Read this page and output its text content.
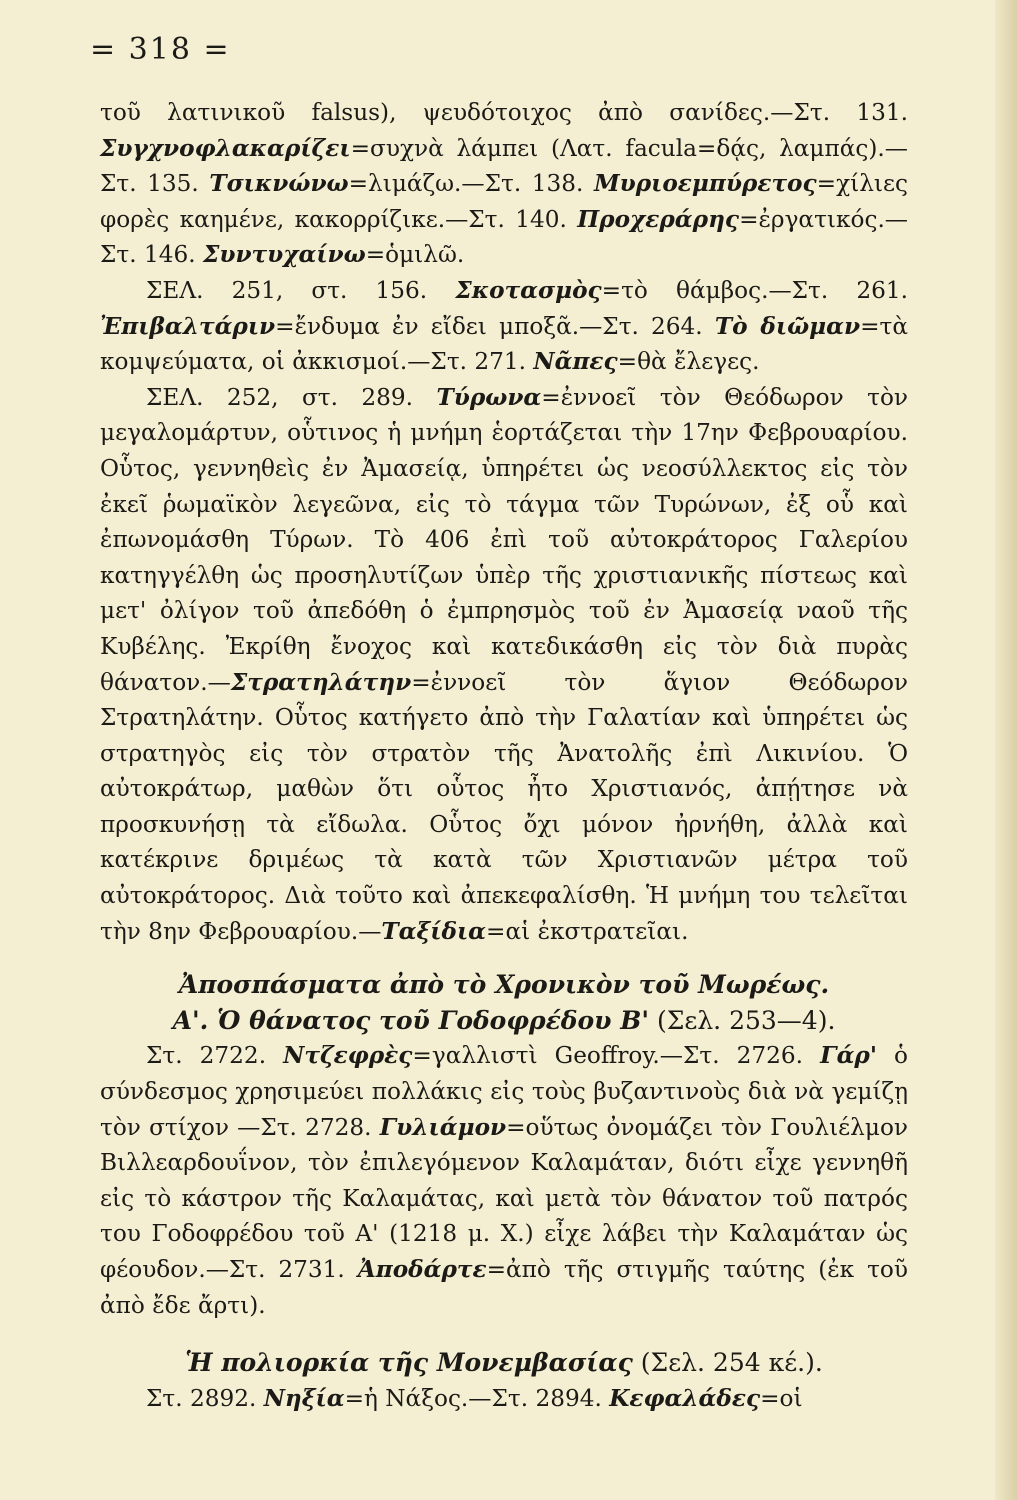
= 318 =

τοῦ λατινικοῦ falsus), ψευδότοιχος ἀπὸ σανίδες.—Στ. 131. Συγχνοφλακαρίζει=συχνὰ λάμπει (Λατ. facula=δᾴς, λαμπάς).—Στ. 135. Τσικνώνω=λιμάζω.—Στ. 138. Μυριοεμπύρετος=χίλιες φορὲς καημένε, κακορρίζικε.—Στ. 140. Προχεράρης=ἐργατικός.—Στ. 146. Συντυχαίνω=ὁμιλῶ.

ΣΕΛ. 251, στ. 156. Σκοτασμὸς=τὸ θάμβος.—Στ. 261. Ἐπιβαλτάριν=ἔνδυμα ἐν εἴδει μποξᾶ.—Στ. 264. Τὸ διῶμαν=τὰ κομψεύματα, οἱ ἀκκισμοί.—Στ. 271. Νᾶπες=θὰ ἔλεγες.

ΣΕΛ. 252, στ. 289. Τύρωνα=ἐννοεῖ τὸν Θεόδωρον τὸν μεγαλομάρτυν, οὗτινος ἡ μνήμη ἑορτάζεται τὴν 17ην Φεβρουαρίου. Οὗτος, γεννηθεὶς ἐν Ἀμασείᾳ, ὑπηρέτει ὡς νεοσύλλεκτος εἰς τὸν ἐκεῖ ῥωμαϊκὸν λεγεῶνα, εἰς τὸ τάγμα τῶν Τυρώνων, ἐξ οὗ καὶ ἐπωνομάσθη Τύρων. Τὸ 406 ἐπὶ τοῦ αὐτοκράτορος Γαλερίου κατηγγέλθη ὡς προσηλυτίζων ὑπὲρ τῆς χριστιανικῆς πίστεως καὶ μετ' ὀλίγον τοῦ ἀπεδόθη ὁ ἐμπρησμὸς τοῦ ἐν Ἀμασείᾳ ναοῦ τῆς Κυβέλης. Ἐκρίθη ἔνοχος καὶ κατεδικάσθη εἰς τὸν διὰ πυρὰς θάνατον.—Στρατηλάτην=ἐννοεῖ τὸν ἅγιον Θεόδωρον Στρατηλάτην. Οὗτος κατήγετο ἀπὸ τὴν Γαλατίαν καὶ ὑπηρέτει ὡς στρατηγὸς εἰς τὸν στρατὸν τῆς Ἀνατολῆς ἐπὶ Λικινίου. Ὁ αὐτοκράτωρ, μαθὼν ὅτι οὗτος ἦτο Χριστιανός, ἀπῄτησε νὰ προσκυνήσῃ τὰ εἴδωλα. Οὗτος ὄχι μόνον ἠρνήθη, ἀλλὰ καὶ κατέκρινε δριμέως τὰ κατὰ τῶν Χριστιανῶν μέτρα τοῦ αὐτοκράτορος. Διὰ τοῦτο καὶ ἀπεκεφαλίσθη. Ἡ μνήμη του τελεῖται τὴν 8ην Φεβρουαρίου.—Ταξίδια=αἱ ἐκστρατεῖαι.

Ἀποσπάσματα ἀπὸ τὸ Χρονικὸν τοῦ Μωρέως.

Α'. Ὁ θάνατος τοῦ Γοδοφρέδου Β' (Σελ. 253—4).

Στ. 2722. Ντζεφρὲς=γαλλιστὶ Geoffroy.—Στ. 2726. Γάρ' ὁ σύνδεσμος χρησιμεύει πολλάκις εἰς τοὺς βυζαντινοὺς διὰ νὰ γεμίζῃ τὸν στίχον —Στ. 2728. Γυλιάμον=οὕτως ὀνομάζει τὸν Γουλιέλμον Βιλλεαρδουΐνον, τὸν ἐπιλεγόμενον Καλαμάταν, διότι εἶχε γεννηθῆ εἰς τὸ κάστρον τῆς Καλαμάτας, καὶ μετὰ τὸν θάνατον τοῦ πατρός του Γοδοφρέδου τοῦ Α' (1218 μ. Χ.) εἶχε λάβει τὴν Καλαμάταν ὡς φέουδον.—Στ. 2731. Ἀποδάρτε=ἀπὸ τῆς στιγμῆς ταύτης (ἐκ τοῦ ἀπὸ ἔδε ἄρτι).

Ἡ πολιορκία τῆς Μονεμβασίας (Σελ. 254 κέ.).

Στ. 2892. Νηξία=ἡ Νάξος.—Στ. 2894. Κεφαλάδες=οἱ
